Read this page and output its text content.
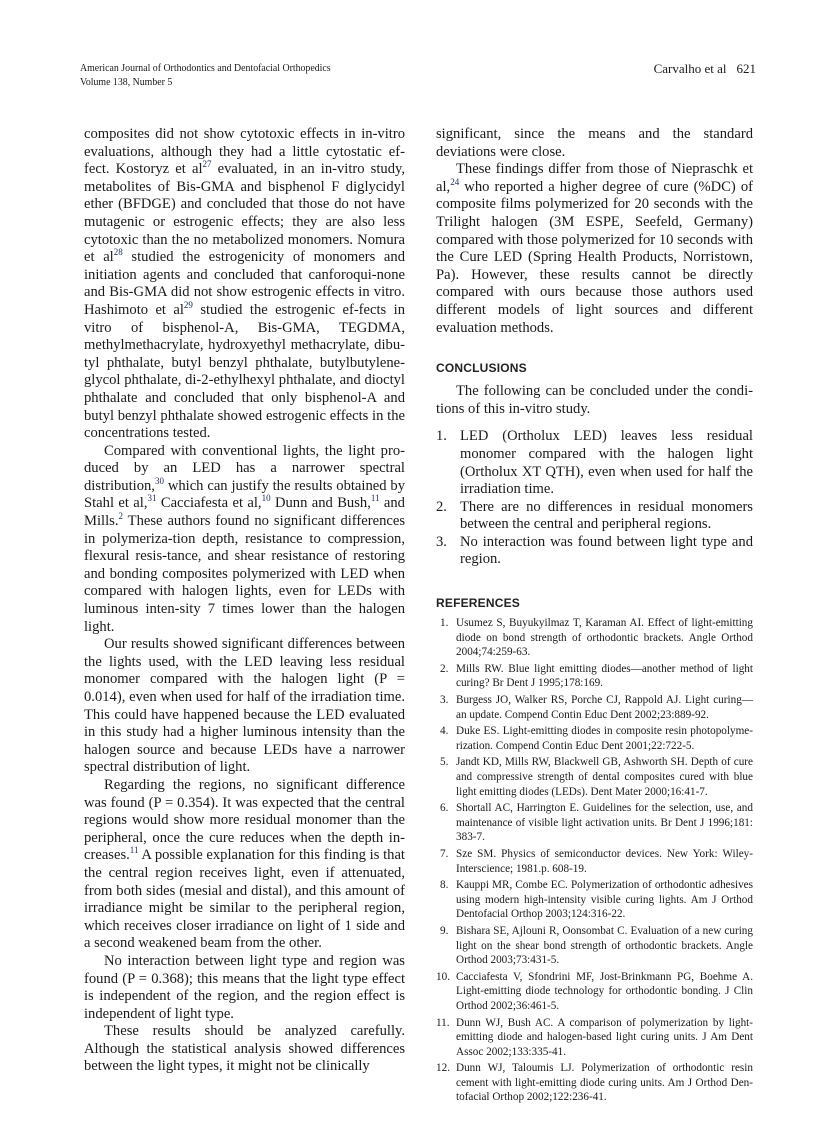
American Journal of Orthodontics and Dentofacial Orthopedics
Volume 138, Number 5
Carvalho et al 621

composites did not show cytotoxic effects in in-vitro evaluations, although they had a little cytostatic ef-fect. Kostoryz et $al^{27}$ evaluated, in an in-vitro study, metabolites of Bis-GMA and bisphenol F diglycidyl ether (BFDGE) and concluded that those do not have mutagenic or estrogenic effects; they are also less cytotoxic than the no metabolized monomers. Nomura et $al^{28}$ studied the estrogenicity of monomers and initiation agents and concluded that canforoqui-none and Bis-GMA did not show estrogenic effects in vitro. Hashimoto et $al^{29}$ studied the estrogenic ef-fects in vitro of bisphenol-A, Bis-GMA, TEGDMA, methylmethacrylate, hydroxyethyl methacrylate, dibu-tyl phthalate, butyl benzyl phthalate, butylbutylene-glycol phthalate, di-2-ethylhexyl phthalate, and dioctyl phthalate and concluded that only bisphenol-A and butyl benzyl phthalate showed estrogenic effects in the concentrations tested.

Compared with conventional lights, the light pro-duced by an LED has a narrower spectral distribution,$^{30}$ which can justify the results obtained by Stahl et al,$^{31}$ Cacciafesta et al,$^{10}$ Dunn and Bush,$^{11}$ and Mills.$^2$ These authors found no significant differences in polymeriza-tion depth, resistance to compression, flexural resis-tance, and shear resistance of restoring and bonding composites polymerized with LED when compared with halogen lights, even for LEDs with luminous inten-sity 7 times lower than the halogen light.

Our results showed significant differences between the lights used, with the LED leaving less residual monomer compared with the halogen light (P = 0.014), even when used for half of the irradiation time. This could have happened because the LED evaluated in this study had a higher luminous intensity than the halogen source and because LEDs have a narrower spectral distribution of light.

Regarding the regions, no significant difference was found (P = 0.354). It was expected that the central regions would show more residual monomer than the peripheral, once the cure reduces when the depth in-creases.$^{11}$ A possible explanation for this finding is that the central region receives light, even if attenuated, from both sides (mesial and distal), and this amount of irradiance might be similar to the peripheral region, which receives closer irradiance on light of 1 side and a second weakened beam from the other.

No interaction between light type and region was found (P = 0.368); this means that the light type effect is independent of the region, and the region effect is independent of light type.

These results should be analyzed carefully. Although the statistical analysis showed differences between the light types, it might not be clinically

significant, since the means and the standard deviations were close.

These findings differ from those of Niepraschk et al,$^{24}$ who reported a higher degree of cure (%DC) of composite films polymerized for 20 seconds with the Trilight halogen (3M ESPE, Seefeld, Germany) compared with those polymerized for 10 seconds with the Cure LED (Spring Health Products, Norristown, Pa). However, these results cannot be directly compared with ours because those authors used different models of light sources and different evaluation methods.

CONCLUSIONS

The following can be concluded under the condi-tions of this in-vitro study.

1. LED (Ortholux LED) leaves less residual monomer compared with the halogen light (Ortholux XT QTH), even when used for half the irradiation time.
2. There are no differences in residual monomers between the central and peripheral regions.
3. No interaction was found between light type and region.
REFERENCES
1. Usumez S, Buyukyilmaz T, Karaman AI. Effect of light-emitting diode on bond strength of orthodontic brackets. Angle Orthod 2004;74:259-63.
2. Mills RW. Blue light emitting diodes—another method of light curing? Br Dent J 1995;178:169.
3. Burgess JO, Walker RS, Porche CJ, Rappold AJ. Light curing—an update. Compend Contin Educ Dent 2002;23:889-92.
4. Duke ES. Light-emitting diodes in composite resin photopolyme-rization. Compend Contin Educ Dent 2001;22:722-5.
5. Jandt KD, Mills RW, Blackwell GB, Ashworth SH. Depth of cure and compressive strength of dental composites cured with blue light emitting diodes (LEDs). Dent Mater 2000;16:41-7.
6. Shortall AC, Harrington E. Guidelines for the selection, use, and maintenance of visible light activation units. Br Dent J 1996;181: 383-7.
7. Sze SM. Physics of semiconductor devices. New York: Wiley-Interscience; 1981.p. 608-19.
8. Kauppi MR, Combe EC. Polymerization of orthodontic adhesives using modern high-intensity visible curing lights. Am J Orthod Dentofacial Orthop 2003;124:316-22.
9. Bishara SE, Ajlouni R, Oonsombat C. Evaluation of a new curing light on the shear bond strength of orthodontic brackets. Angle Orthod 2003;73:431-5.
10. Cacciafesta V, Sfondrini MF, Jost-Brinkmann PG, Boehme A. Light-emitting diode technology for orthodontic bonding. J Clin Orthod 2002;36:461-5.
11. Dunn WJ, Bush AC. A comparison of polymerization by light-emitting diode and halogen-based light curing units. J Am Dent Assoc 2002;133:335-41.
12. Dunn WJ, Taloumis LJ. Polymerization of orthodontic resin cement with light-emitting diode curing units. Am J Orthod Den-tofacial Orthop 2002;122:236-41.
